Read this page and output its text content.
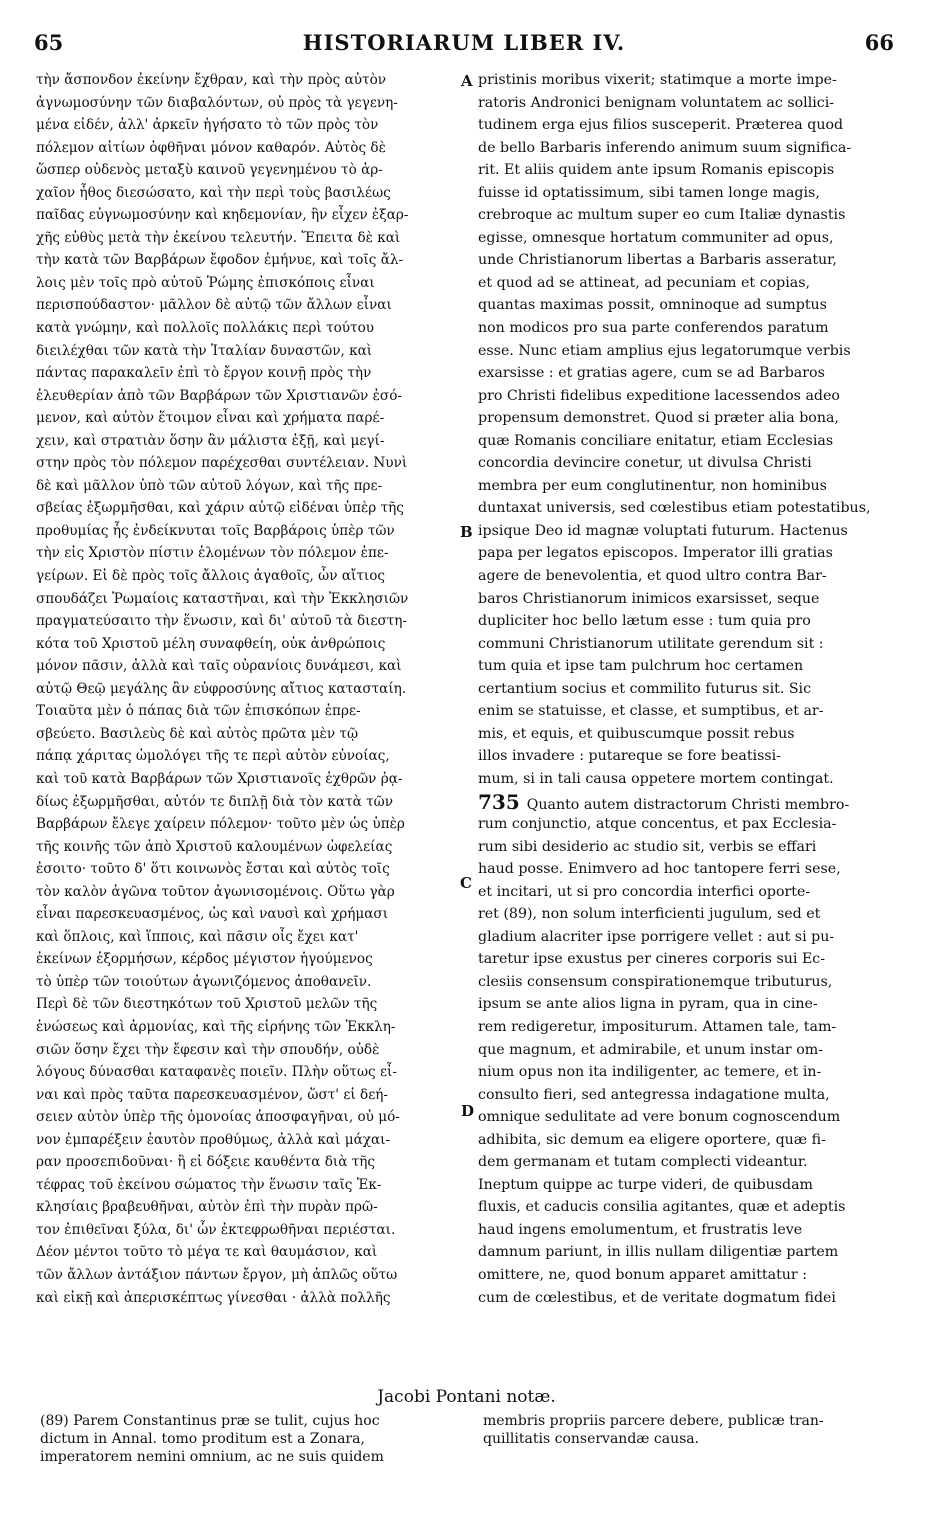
65	HISTORIARUM LIBER IV.	66
τὴν ἄσπονδον ἐκείνην ἔχθραν, καὶ τὴν πρὸς αὐτὸν
ἀγνωμοσύνην τῶν διαβαλόντων, οὐ πρὸς τὰ γεγενη-
μένα εἰδέν, ἀλλ' ἀρκεῖν ἡγήσατο τὸ τῶν πρὸς τὸν
πόλεμον αἰτίων ὀφθῆναι μόνον καθαρόν. Αὐτὸς δὲ
ὥσπερ οὐδενὸς μεταξὺ καινοῦ γεγενημένου τὸ ἀρ-
χαῖον ἦθος διεσώσατο, καὶ τὴν περὶ τοὺς βασιλέως
παῖδας εὐγνωμοσύνην καὶ κηδεμονίαν, ἣν εἶχεν ἐξαρ-
χῆς εὐθὺς μετὰ τὴν ἐκείνου τελευτήν. Ἔπειτα δὲ καὶ
τὴν κατὰ τῶν Βαρβάρων ἔφοδον ἐμήνυε, καὶ τοῖς ἄλ-
λοις μὲν τοῖς πρὸ αὐτοῦ Ῥώμης ἐπισκόποις εἶναι
περισπούδαστον· μᾶλλον δὲ αὐτῷ τῶν ἄλλων εἶναι
κατὰ γνώμην, καὶ πολλοῖς πολλάκις περὶ τούτου
διειλέχθαι τῶν κατὰ τὴν Ἰταλίαν δυναστῶν, καὶ
πάντας παρακαλεῖν ἐπὶ τὸ ἔργον κοινῇ πρὸς τὴν
ἐλευθερίαν ἀπὸ τῶν Βαρβάρων τῶν Χριστιανῶν ἐσό-
μενον, καὶ αὐτὸν ἕτοιμον εἶναι καὶ χρήματα παρέ-
χειν, καὶ στρατιὰν ὅσην ἂν μάλιστα ἐξῇ, καὶ μεγί-
στην πρὸς τὸν πόλεμον παρέχεσθαι συντέλειαν. Νυνὶ
δὲ καὶ μᾶλλον ὑπὸ τῶν αὐτοῦ λόγων, καὶ τῆς πρε-
σβείας ἐξωρμῆσθαι, καὶ χάριν αὐτῷ εἰδέναι ὑπὲρ τῆς
προθυμίας ἧς ἐνδείκνυται τοῖς Βαρβάροις ὑπὲρ τῶν
τὴν εἰς Χριστὸν πίστιν ἑλομένων τὸν πόλεμον ἐπε-
γείρων. Εἰ δὲ πρὸς τοῖς ἄλλοις ἀγαθοῖς, ὧν αἴτιος
σπουδάζει Ῥωμαίοις καταστῆναι, καὶ τὴν Ἐκκλησιῶν
πραγματεύσαιτο τὴν ἕνωσιν, καὶ δι' αὐτοῦ τὰ διεστη-
κότα τοῦ Χριστοῦ μέλη συναφθείη, οὐκ ἀνθρώποις
μόνον πᾶσιν, ἀλλὰ καὶ ταῖς οὐρανίοις δυνάμεσι, καὶ
αὐτῷ Θεῷ μεγάλης ἂν εὐφροσύνης αἴτιος κατασταίη.
Τοιαῦτα μὲν ὁ πάπας διὰ τῶν ἐπισκόπων ἐπρε-
σβεύετο. Βασιλεὺς δὲ καὶ αὐτὸς πρῶτα μὲν τῷ
πάπᾳ χάριτας ὡμολόγει τῆς τε περὶ αὐτὸν εὐνοίας,
καὶ τοῦ κατὰ Βαρβάρων τῶν Χριστιανοῖς ἐχθρῶν ῥᾳ-
δίως ἐξωρμῆσθαι, αὐτόν τε διπλῇ διὰ τὸν κατὰ τῶν
Βαρβάρων ἔλεγε χαίρειν πόλεμον· τοῦτο μὲν ὡς ὑπὲρ
τῆς κοινῆς τῶν ἀπὸ Χριστοῦ καλουμένων ὠφελείας
ἐσοιτο· τοῦτο δ' ὅτι κοινωνὸς ἔσται καὶ αὐτὸς τοῖς
τὸν καλὸν ἀγῶνα τοῦτον ἀγωνισομένοις. Οὕτω γὰρ
εἶναι παρεσκευασμένος, ὡς καὶ ναυσὶ καὶ χρήμασι
καὶ ὅπλοις, καὶ ἵπποις, καὶ πᾶσιν οἷς ἔχει κατ'
ἐκείνων ἐξορμήσων, κέρδος μέγιστον ἡγούμενος
τὸ ὑπὲρ τῶν τοιούτων ἀγωνιζόμενος ἀποθανεῖν.
Περὶ δὲ τῶν διεστηκότων τοῦ Χριστοῦ μελῶν τῆς
ἑνώσεως καὶ ἁρμονίας, καὶ τῆς εἰρήνης τῶν Ἐκκλη-
σιῶν ὅσην ἔχει τὴν ἔφεσιν καὶ τὴν σπουδήν, οὐδὲ
λόγους δύνασθαι καταφανὲς ποιεῖν. Πλὴν οὕτως εἶ-
ναι καὶ πρὸς ταῦτα παρεσκευασμένον, ὥστ' εἰ δεή-
σειεν αὐτὸν ὑπὲρ τῆς ὁμονοίας ἀποσφαγῆναι, οὐ μό-
νον ἐμπαρέξειν ἑαυτὸν προθύμως, ἀλλὰ καὶ μάχαι-
ραν προσεπιδοῦναι· ἢ εἰ δόξειε καυθέντα διὰ τῆς
τέφρας τοῦ ἐκείνου σώματος τὴν ἕνωσιν ταῖς Ἐκ-
κλησίαις βραβευθῆναι, αὐτὸν ἐπὶ τὴν πυρὰν πρῶ-
τον ἐπιθεῖναι ξύλα, δι' ὧν ἐκτεφρωθῆναι περιέσται.
Δέον μέντοι τοῦτο τὸ μέγα τε καὶ θαυμάσιον, καὶ
τῶν ἄλλων ἀντάξιον πάντων ἔργον, μὴ ἁπλῶς οὕτω
καὶ εἰκῇ καὶ ἀπερισκέπτως γίνεσθαι · ἀλλὰ πολλῆς
pristinis moribus vixerit; statimque a morte impe-
ratoris Andronici benignam voluntatem ac sollici-
tudinem erga ejus filios susceperit. Præterea quod
de bello Barbaris inferendo animum suum significa-
rit. Et aliis quidem ante ipsum Romanis episcopis
fuisse id optatissimum, sibi tamen longe magis,
crebroque ac multum super eo cum Italiæ dynastis
egisse, omnesque hortatum communiter ad opus,
unde Christianorum libertas a Barbaris asseratur,
et quod ad se attineat, ad pecuniam et copias,
quantas maximas possit, omninoque ad sumptus
non modicos pro sua parte conferendos paratum
esse. Nunc etiam amplius ejus legatorumque verbis
exarsisse : et gratias agere, cum se ad Barbaros
pro Christi fidelibus expeditione lacessendos adeo
propensum demonstret. Quod si præter alia bona,
quæ Romanis conciliare enitatur, etiam Ecclesias
concordia devincire conetur, ut divulsa Christi
membra per eum conglutinentur, non hominibus
duntaxat universis, sed cœlestibus etiam potestatibus,
ipsique Deo id magnæ voluptati futurum. Hactenus
papa per legatos episcopos. Imperator illi gratias
agere de benevolentia, et quod ultro contra Bar-
baros Christianorum inimicos exarsisset, seque
dupliciter hoc bello lætum esse : tum quia pro
communi Christianorum utilitate gerendum sit :
tum quia et ipse tam pulchrum hoc certamen
certantium socius et commilito futurus sit. Sic
enim se statuisse, et classe, et sumptibus, et ar-
mis, et equis, et quibuscumque possit rebus
illos invadere : putareque se fore beatissi-
mum, si in tali causa oppetere mortem contingat.
735 Quanto autem distractorum Christi membro-
rum conjunctio, atque concentus, et pax Ecclesia-
rum sibi desiderio ac studio sit, verbis se effari
haud posse. Enimvero ad hoc tantopere ferri sese,
et incitari, ut si pro concordia interfici oporte-
ret (89), non solum interficienti jugulum, sed et
gladium alacriter ipse porrigere vellet : aut si pu-
taretur ipse exustus per cineres corporis sui Ec-
clesiis consensum conspirationemque tributurus,
ipsum se ante alios ligna in pyram, qua in cine-
rem redigeretur, impositurum. Attamen tale, tam-
que magnum, et admirabile, et unum instar om-
nium opus non ita indiligenter, ac temere, et in-
consulto fieri, sed antegressa indagatione multa,
omnique sedulitate ad vere bonum cognoscendum
adhibita, sic demum ea eligere oportere, quæ fi-
dem germanam et tutam complecti videantur.
Ineptum quippe ac turpe videri, de quibusdam
fluxis, et caducis consilia agitantes, quæ et adeptis
haud ingens emolumentum, et frustratis leve
damnum pariunt, in illis nullam diligentiæ partem
omittere, ne, quod bonum apparet amittatur :
cum de cœlestibus, et de veritate dogmatum fidei
A
B
C
D
Jacobi Pontani notæ.
(89) Parem Constantinus præ se tulit, cujus hoc
dictum in Annal. tomo proditum est a Zonara,
imperatorem nemini omnium, ac ne suis quidem
membris propriis parcere debere, publicæ tran-
quillitatis conservandæ causa.
